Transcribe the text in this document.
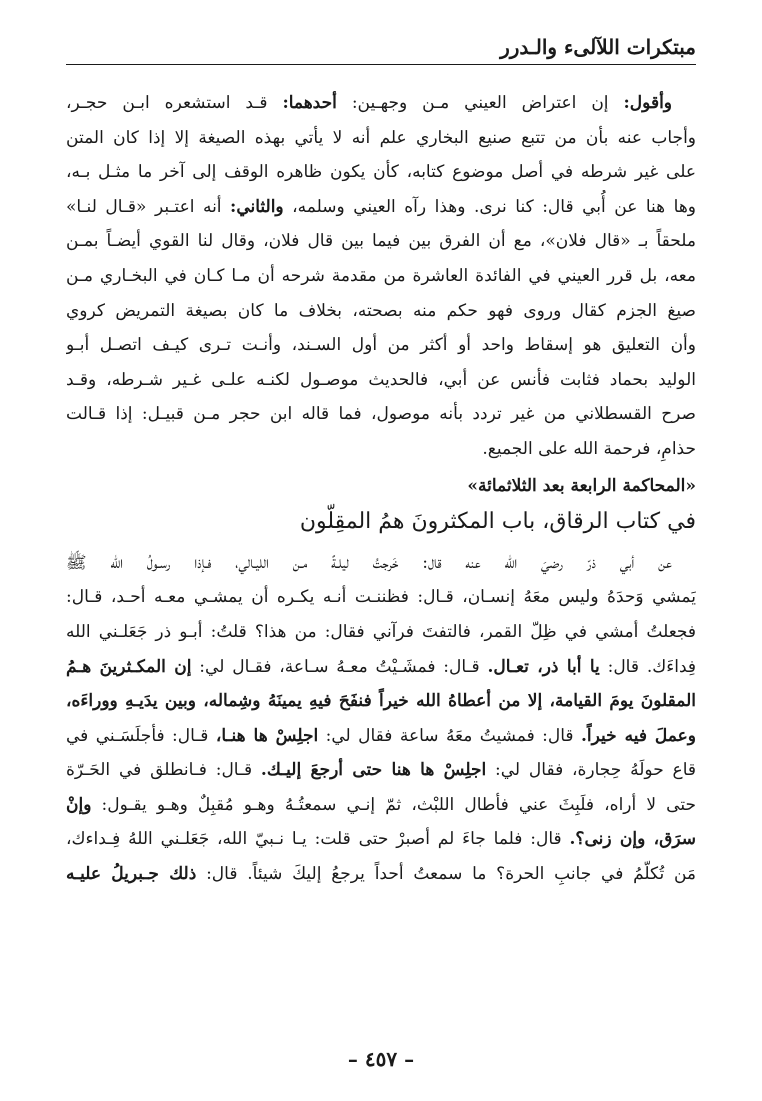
مبتكرات اللآلىء والـدرر
وأقول: إن اعتراض العيني مـن وجهـين: أحدهما: قـد استشعره ابـن حجـر،
وأجاب عنه بأن من تتبع صنيع البخاري علم أنه لا يأتي بهذه الصيغة إلا إذا كان المتن
على غير شرطه في أصل موضوع كتابه، كأن يكون ظاهره الوقف إلى آخر ما مثـل بـه،
وها هنا عن أُبي قال: كنا نرى. وهذا رآه العيني وسلمه، والثاني: أنه اعتـبر «قـال لنـا»
ملحقاً بـ «قال فلان»، مع أن الفرق بين فيما بين قال فلان، وقال لنا القوي أيضـاً بمـن
معه، بل قرر العيني في الفائدة العاشرة من مقدمة شرحه أن مـا كـان في البخـاري مـن
صيغ الجزم كقال وروى فهو حكم منه بصحته، بخلاف ما كان بصيغة التمريض كروي
وأن التعليق هو إسقاط واحد أو أكثر من أول السـند، وأنـت تـرى كيـف اتصـل أبـو
الوليد بحماد فثابت فأنس عن أبي، فالحديث موصـول لكنـه علـى غـير شـرطه، وقـد
صرح القسطلاني من غير تردد بأنه موصول، فما قاله ابن حجر مـن قبيـل: إذا قـالت
حذامِ، فرحمة الله على الجميع.
«المحاكمة الرابعة بعد الثلاثمائة»
في كتاب الرقاق، باب المكثرونَ همُ المقِلّون
عن أبي ذرّ رضيَ الله عنه قال: خَرجتُ ليلـةً مـن الليـالي، فـإذا رسـولُ الله ﷺ
يَمشي وَحدَهُ وليس معَهُ إنسـان، قـال: فظننـت أنـه يكـره أن يمشـي معـه أحـد، قـال:
فجعلتُ أمشي في ظِلّ القمر، فالتفتَ فرآني فقال: من هذا؟ قلتُ: أبـو ذر جَعَلـني الله
فِداءَك. قال: يا أبا ذر، تعـال. قـال: فمشَـيْتُ معـهُ سـاعة، فقـال لي: إن المكـثرينَ هـمُ
المقلونَ يومَ القيامة، إلا من أعطاهُ الله خيراً فنفَحَ فيهِ يمينَهُ وشِماله، وبين يدَيـهِ ووراءَه،
وعملَ فيه خيراً. قال: فمشيتُ معَهُ ساعة فقال لي: اجلِسْ ها هنـا، قـال: فأجلَسَـني في
قاع حولَهُ حِجارة، فقال لي: اجلِسْ ها هنا حتى أرجعَ إليـك. قـال: فـانطلق في الحَـرّة
حتى لا أراه، فلَبِثَ عني فأطال اللبْث، ثمّ إنـي سمعتُـهُ وهـو مُقبِلٌ وهـو يقـول: وإنْ
سرَق، وإن زنى؟. قال: فلما جاءَ لم أصبرْ حتى قلت: يـا نـبيّ الله، جَعَلـني اللهُ فِـداءك،
مَن تُكلّمُ في جانبِ الحرة؟ ما سمعتُ أحداً يرجعُ إليكَ شيئاً. قال: ذلك جـبريلُ عليـه
– ٤٥٧ –
